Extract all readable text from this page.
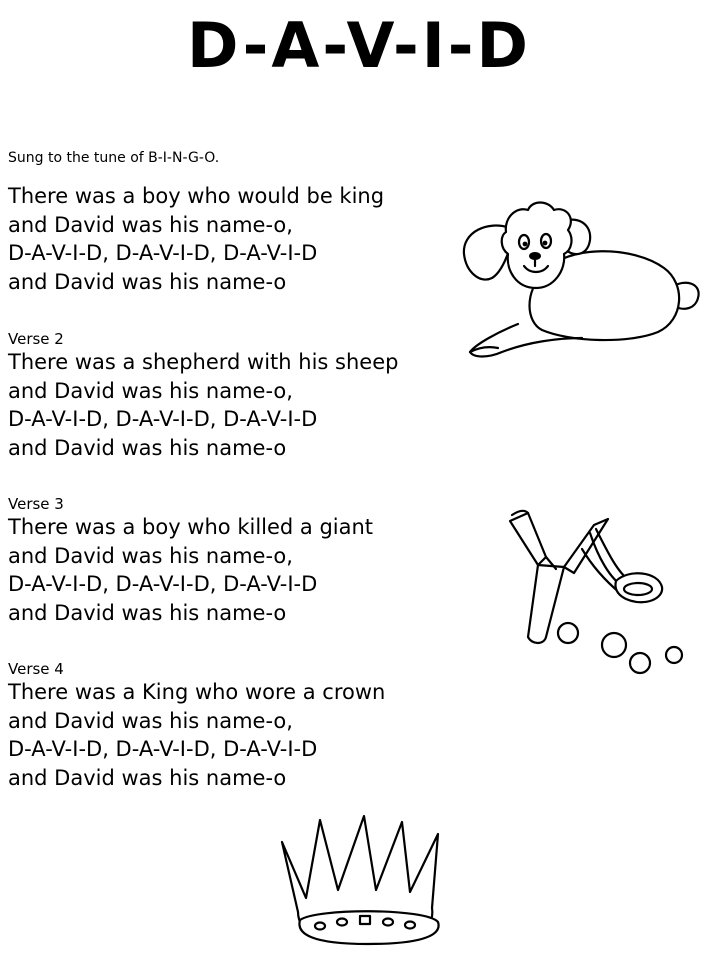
D-A-V-I-D
Sung to the tune of B-I-N-G-O.
There was a boy who would be king
and David was his name-o,
D-A-V-I-D, D-A-V-I-D, D-A-V-I-D
and David was his name-o
Verse 2
There was a shepherd with his sheep
and David was his name-o,
D-A-V-I-D, D-A-V-I-D, D-A-V-I-D
and David was his name-o
Verse 3
There was a boy who killed a giant
and David was his name-o,
D-A-V-I-D, D-A-V-I-D, D-A-V-I-D
and David was his name-o
Verse 4
There was a King who wore a crown
and David was his name-o,
D-A-V-I-D, D-A-V-I-D, D-A-V-I-D
and David was his name-o
